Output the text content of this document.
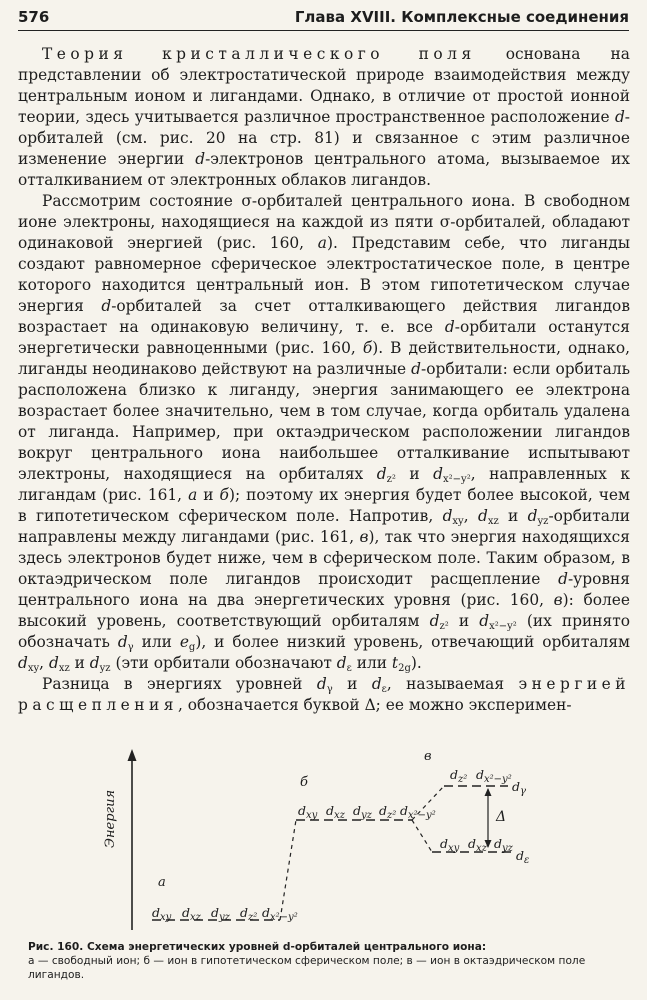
576	Глава XVIII. Комплексные соединения

Теория кристаллического поля основана на представлении об электростатической природе взаимодействия между центральным ионом и лигандами. Однако, в отличие от простой ионной теории, здесь учитывается различное пространственное расположение d-орбиталей (см. рис. 20 на стр. 81) и связанное с этим различное изменение энергии d-электронов центрального атома, вызываемое их отталкиванием от электронных облаков лигандов.

Рассмотрим состояние σ-орбиталей центрального иона. В свободном ионе электроны, находящиеся на каждой из пяти σ-орбиталей, обладают одинаковой энергией (рис. 160, а). Представим себе, что лиганды создают равномерное сферическое электростатическое поле, в центре которого находится центральный ион. В этом гипотетическом случае энергия d-орбиталей за счет отталкивающего действия лигандов возрастает на одинаковую величину, т. е. все d-орбитали останутся энергетически равноценными (рис. 160, б). В действительности, однако, лиганды неодинаково действуют на различные d-орбитали: если орбиталь расположена близко к лиганду, энергия занимающего ее электрона возрастает более значительно, чем в том случае, когда орбиталь удалена от лиганда. Например, при октаэдрическом расположении лигандов вокруг центрального иона наибольшее отталкивание испытывают электроны, находящиеся на орбиталях $d_{z^2}$ и $d_{x^2-y^2}$, направленных к лигандам (рис. 161, а и б); поэтому их энергия будет более высокой, чем в гипотетическом сферическом поле. Напротив, $d_{xy}$, $d_{xz}$ и $d_{yz}$-орбитали направлены между лигандами (рис. 161, в), так что энергия находящихся здесь электронов будет ниже, чем в сферическом поле. Таким образом, в октаэдрическом поле лигандов происходит расщепление d-уровня центрального иона на два энергетических уровня (рис. 160, в): более высокий уровень, соответствующий орбиталям $d_{z^2}$ и $d_{x^2-y^2}$ (их принято обозначать $d_\gamma$ или $e_g$), и более низкий уровень, отвечающий орбиталям $d_{xy}$, $d_{xz}$ и $d_{yz}$ (эти орбитали обозначают $d_\varepsilon$ или $t_{2g}$).

Разница в энергиях уровней $d_\gamma$ и $d_\varepsilon$, называемая энергией расщепления, обозначается буквой Δ; ее можно эксперимен-

Энергия
а
б
в
Δ
$d_{xy}$ $d_{xz}$ $d_{yz}$ $d_{z^2}$ $d_{x^2-y^2}$
$d_{xy}$ $d_{xz}$ $d_{yz}$ $d_{z^2}$ $d_{x^2-y^2}$
$d_{z^2}$ $d_{x^2-y^2}$ $d_\gamma$
$d_{xy}$ $d_{xz}$ $d_{yz}$ $d_\varepsilon$
Рис. 160. Схема энергетических уровней d-орбиталей центрального иона:
а — свободный ион; б — ион в гипотетическом сферическом поле; в — ион в октаэдрическом поле лигандов.
